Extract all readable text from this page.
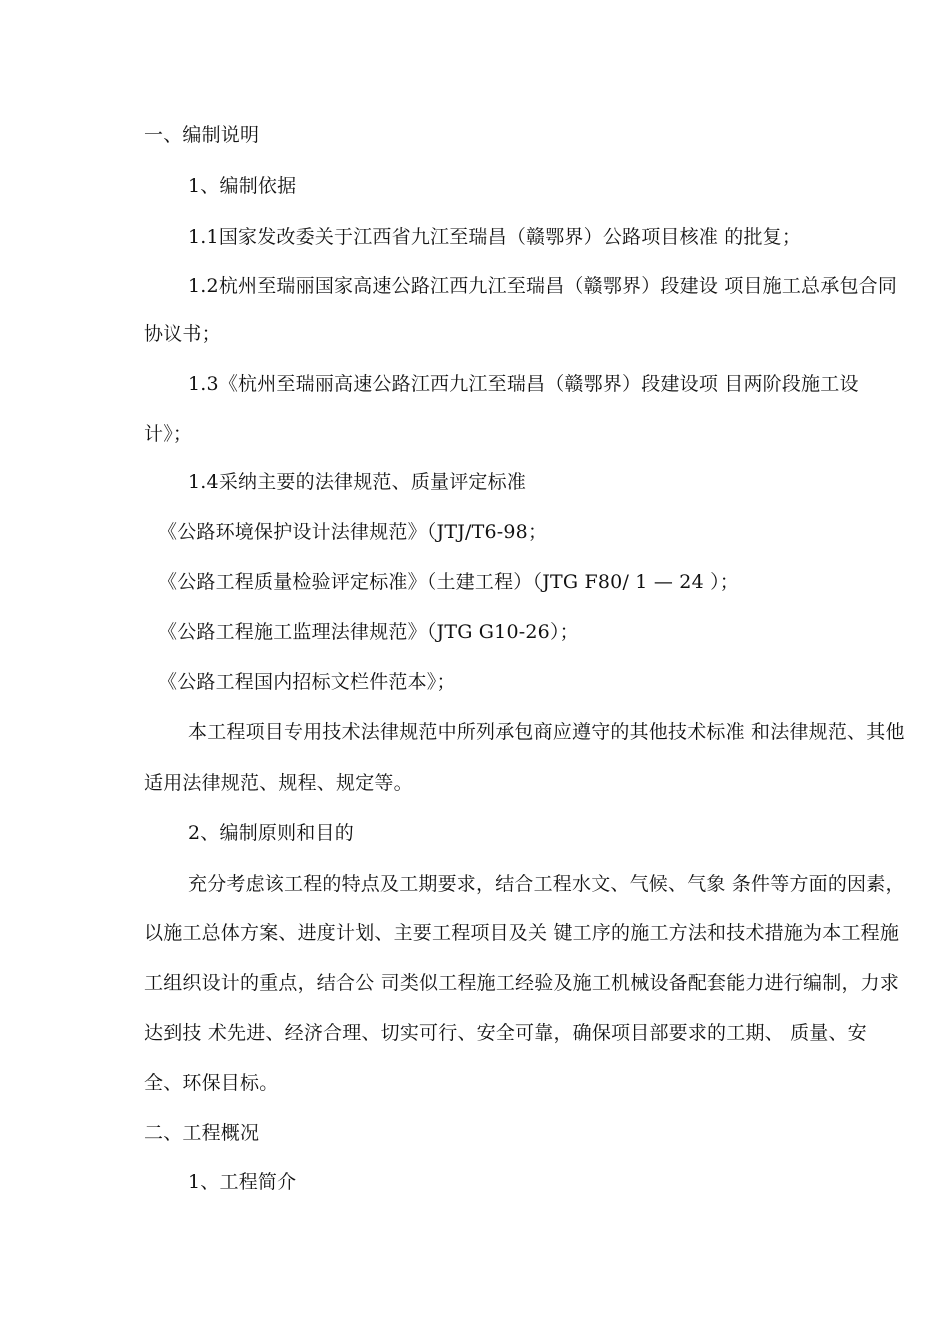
一、编制说明
1、编制依据
1.1国家发改委关于江西省九江至瑞昌（赣鄂界）公路项目核准 的批复；
1.2杭州至瑞丽国家高速公路江西九江至瑞昌（赣鄂界）段建设 项目施工总承包合同
协议书；
1.3《杭州至瑞丽高速公路江西九江至瑞昌（赣鄂界）段建设项 目两阶段施工设
计》；
1.4采纳主要的法律规范、质量评定标准
《公路环境保护设计法律规范》（JTJ/T6-98；
《公路工程质量检验评定标准》（土建工程）（JTG F80/ 1 — 24 ）；
《公路工程施工监理法律规范》（JTG G10-26）；
《公路工程国内招标文栏件范本》；
本工程项目专用技术法律规范中所列承包商应遵守的其他技术标准 和法律规范、其他
适用法律规范、规程、规定等。
2、编制原则和目的
充分考虑该工程的特点及工期要求，结合工程水文、气候、气象 条件等方面的因素，
以施工总体方案、进度计划、主要工程项目及关 键工序的施工方法和技术措施为本工程施
工组织设计的重点，结合公 司类似工程施工经验及施工机械设备配套能力进行编制，力求
达到技 术先进、经济合理、切实可行、安全可靠，确保项目部要求的工期、 质量、安
全、环保目标。
二、工程概况
1、工程简介
